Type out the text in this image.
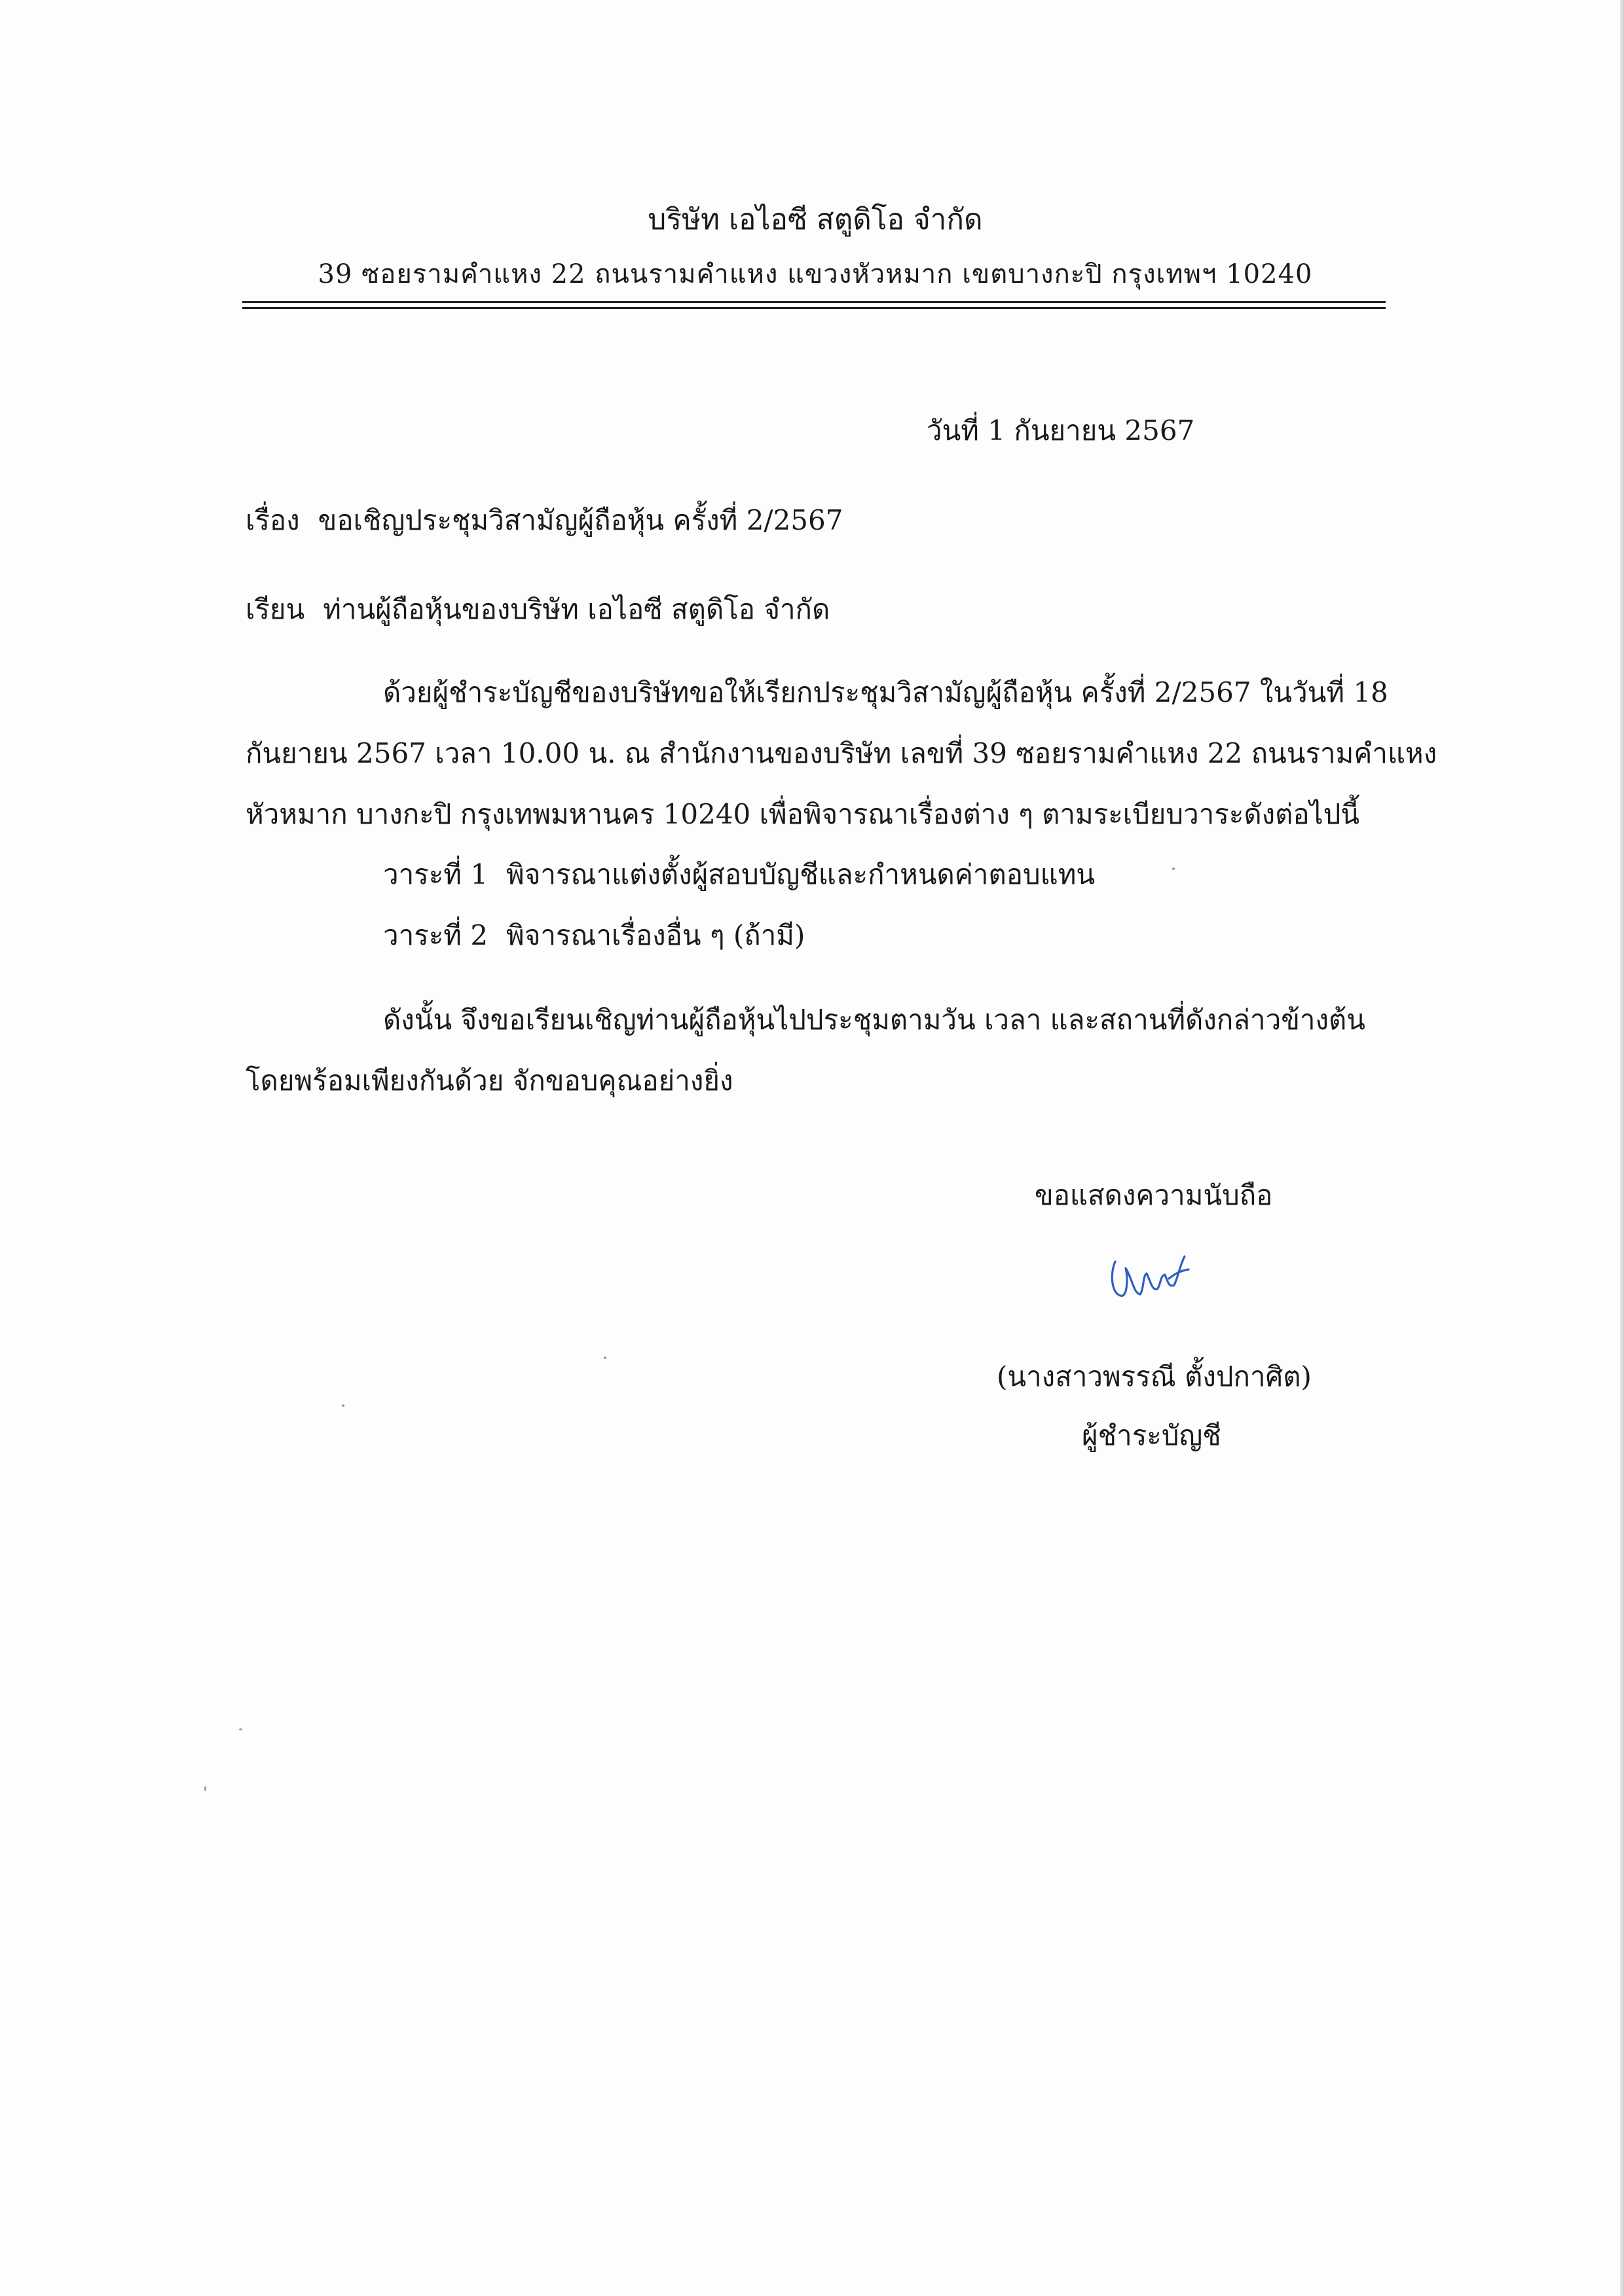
บริษัท เอไอซี สตูดิโอ จำกัด
39 ซอยรามคำแหง 22 ถนนรามคำแหง แขวงหัวหมาก เขตบางกะปิ กรุงเทพฯ 10240
วันที่ 1 กันยายน 2567
เรื่อง ขอเชิญประชุมวิสามัญผู้ถือหุ้น ครั้งที่ 2/2567
เรียน ท่านผู้ถือหุ้นของบริษัท เอไอซี สตูดิโอ จำกัด
ด้วยผู้ชำระบัญชีของบริษัทขอให้เรียกประชุมวิสามัญผู้ถือหุ้น ครั้งที่ 2/2567 ในวันที่ 18
กันยายน 2567 เวลา 10.00 น. ณ สำนักงานของบริษัท เลขที่ 39 ซอยรามคำแหง 22 ถนนรามคำแหง
หัวหมาก บางกะปิ กรุงเทพมหานคร 10240 เพื่อพิจารณาเรื่องต่าง ๆ ตามระเบียบวาระดังต่อไปนี้
วาระที่ 1 พิจารณาแต่งตั้งผู้สอบบัญชีและกำหนดค่าตอบแทน
วาระที่ 2 พิจารณาเรื่องอื่น ๆ (ถ้ามี)
ดังนั้น จึงขอเรียนเชิญท่านผู้ถือหุ้นไปประชุมตามวัน เวลา และสถานที่ดังกล่าวข้างต้น
โดยพร้อมเพียงกันด้วย จักขอบคุณอย่างยิ่ง
ขอแสดงความนับถือ
(นางสาวพรรณี ตั้งปกาศิต)
ผู้ชำระบัญชี
